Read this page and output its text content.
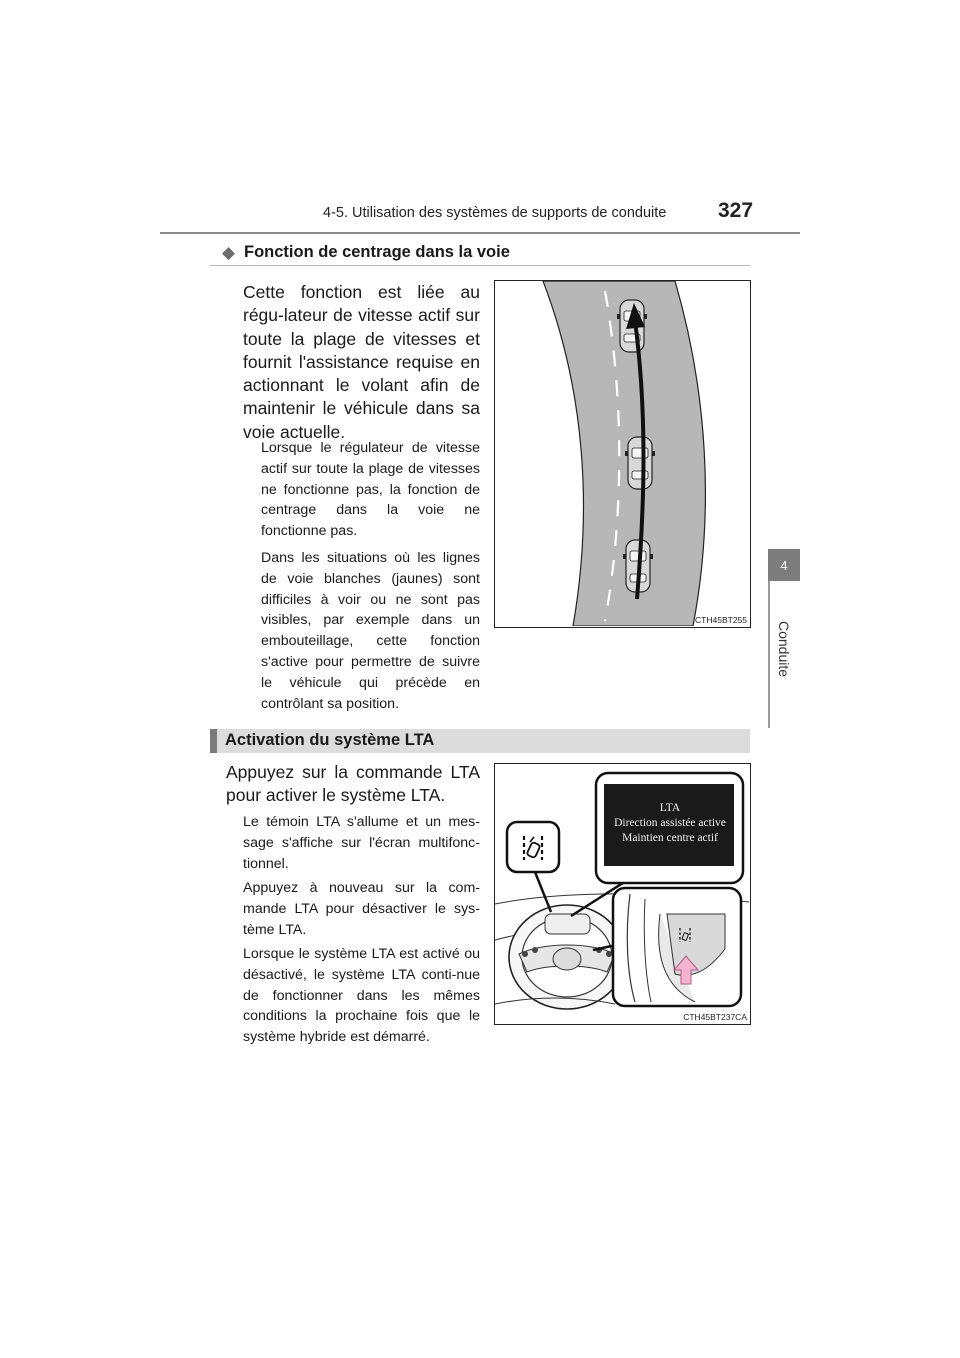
4-5. Utilisation des systèmes de supports de conduite 327
4
Conduite
◆ Fonction de centrage dans la voie
Cette fonction est liée au régu-lateur de vitesse actif sur toute la plage de vitesses et fournit l'assistance requise en actionnant le volant afin de maintenir le véhicule dans sa voie actuelle.
Lorsque le régulateur de vitesse actif sur toute la plage de vitesses ne fonctionne pas, la fonction de centrage dans la voie ne fonctionne pas.
Dans les situations où les lignes de voie blanches (jaunes) sont difficiles à voir ou ne sont pas visibles, par exemple dans un embouteillage, cette fonction s'active pour permettre de suivre le véhicule qui précède en contrôlant sa position.
CTH45BT255
Activation du système LTA
Appuyez sur la commande LTA pour activer le système LTA.
Le témoin LTA s'allume et un mes-sage s'affiche sur l'écran multifonc-tionnel.
Appuyez à nouveau sur la com-mande LTA pour désactiver le sys-tème LTA.
Lorsque le système LTA est activé ou désactivé, le système LTA conti-nue de fonctionner dans les mêmes conditions la prochaine fois que le système hybride est démarré.
LTA
Direction assistée active
Maintien centre actif
CTH45BT237CA
